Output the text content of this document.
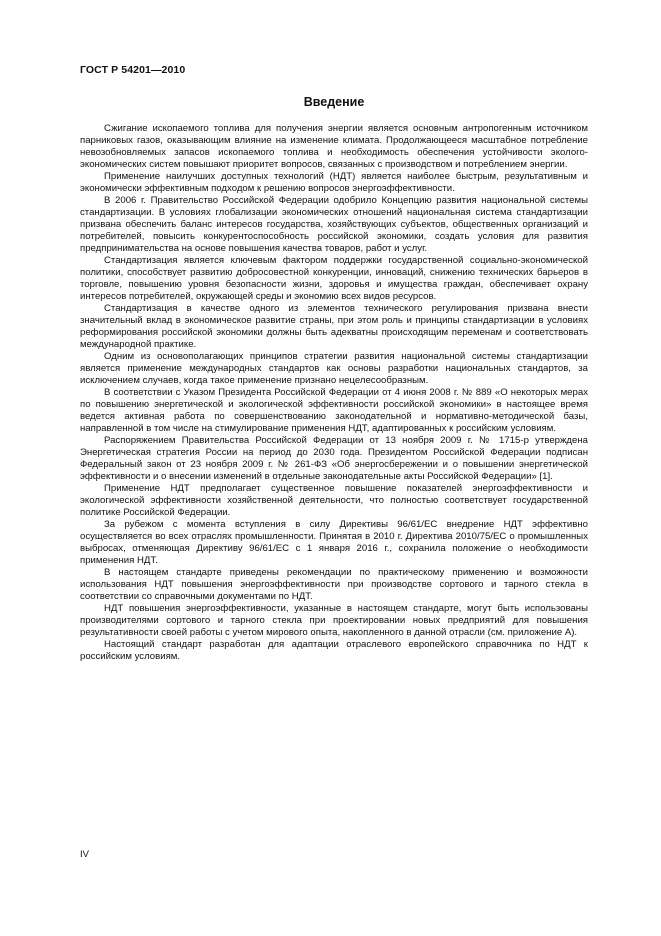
ГОСТ Р 54201—2010
Введение

Сжигание ископаемого топлива для получения энергии является основным антропогенным источником парниковых газов, оказывающим влияние на изменение климата. Продолжающееся масштабное потребление невозобновляемых запасов ископаемого топлива и необходимость обеспечения устойчивости эколого-экономических систем повышают приоритет вопросов, связанных с производством и потреблением энергии.

Применение наилучших доступных технологий (НДТ) является наиболее быстрым, результативным и экономически эффективным подходом к решению вопросов энергоэффективности.

В 2006 г. Правительство Российской Федерации одобрило Концепцию развития национальной системы стандартизации. В условиях глобализации экономических отношений национальная система стандартизации призвана обеспечить баланс интересов государства, хозяйствующих субъектов, общественных организаций и потребителей, повысить конкурентоспособность российской экономики, создать условия для развития предпринимательства на основе повышения качества товаров, работ и услуг.

Стандартизация является ключевым фактором поддержки государственной социально-экономической политики, способствует развитию добросовестной конкуренции, инноваций, снижению технических барьеров в торговле, повышению уровня безопасности жизни, здоровья и имущества граждан, обеспечивает охрану интересов потребителей, окружающей среды и экономию всех видов ресурсов.

Стандартизация в качестве одного из элементов технического регулирования призвана внести значительный вклад в экономическое развитие страны, при этом роль и принципы стандартизации в условиях реформирования российской экономики должны быть адекватны происходящим переменам и соответствовать международной практике.

Одним из основополагающих принципов стратегии развития национальной системы стандартизации является применение международных стандартов как основы разработки национальных стандартов, за исключением случаев, когда такое применение признано нецелесообразным.

В соответствии с Указом Президента Российской Федерации от 4 июня 2008 г. № 889 «О некоторых мерах по повышению энергетической и экологической эффективности российской экономики» в настоящее время ведется активная работа по совершенствованию законодательной и нормативно-методической базы, направленной в том числе на стимулирование применения НДТ, адаптированных к российским условиям.

Распоряжением Правительства Российской Федерации от 13 ноября 2009 г. № 1715-р утверждена Энергетическая стратегия России на период до 2030 года. Президентом Российской Федерации подписан Федеральный закон от 23 ноября 2009 г. № 261-ФЗ «Об энергосбережении и о повышении энергетической эффективности и о внесении изменений в отдельные законодательные акты Российской Федерации» [1].

Применение НДТ предполагает существенное повышение показателей энергоэффективности и экологической эффективности хозяйственной деятельности, что полностью соответствует государственной политике Российской Федерации.

За рубежом с момента вступления в силу Директивы 96/61/ЕС внедрение НДТ эффективно осуществляется во всех отраслях промышленности. Принятая в 2010 г. Директива 2010/75/ЕС о промышленных выбросах, отменяющая Директиву 96/61/ЕС с 1 января 2016 г., сохранила положение о необходимости применения НДТ.

В настоящем стандарте приведены рекомендации по практическому применению и возможности использования НДТ повышения энергоэффективности при производстве сортового и тарного стекла в соответствии со справочными документами по НДТ.

НДТ повышения энергоэффективности, указанные в настоящем стандарте, могут быть использованы производителями сортового и тарного стекла при проектировании новых предприятий для повышения результативности своей работы с учетом мирового опыта, накопленного в данной отрасли (см. приложение А).

Настоящий стандарт разработан для адаптации отраслевого европейского справочника по НДТ к российским условиям.

IV
